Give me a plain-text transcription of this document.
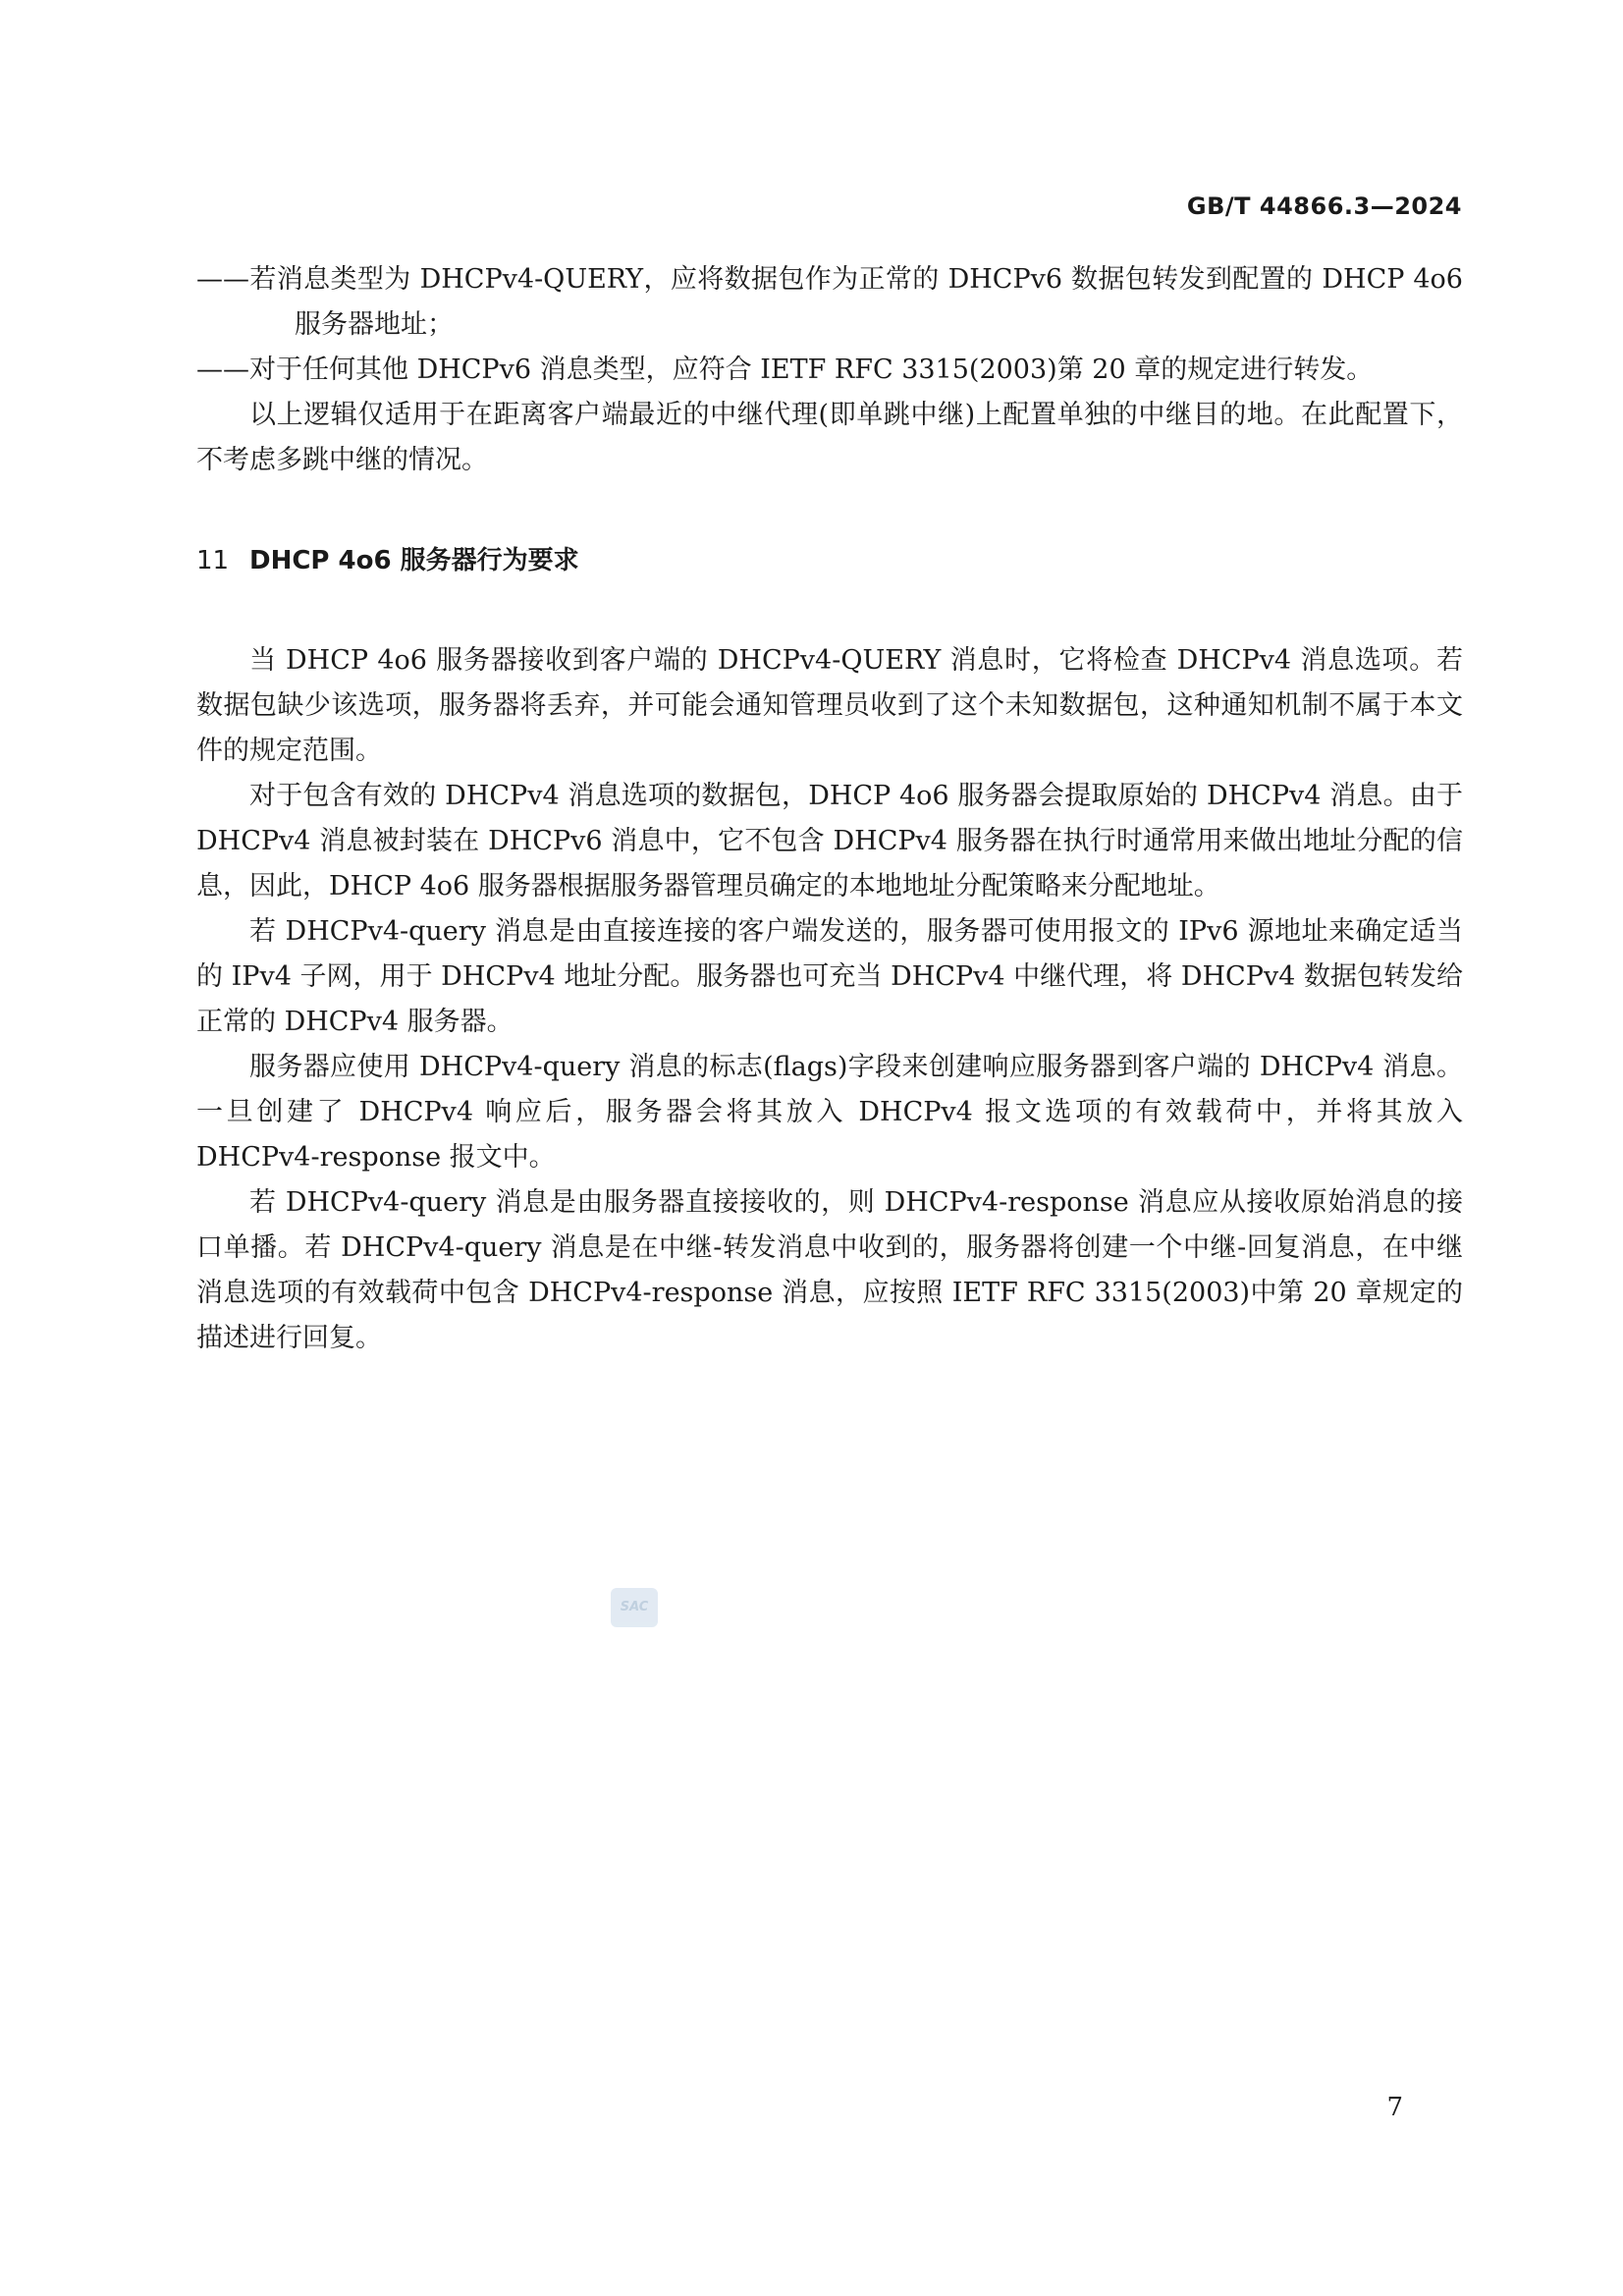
GB/T 44866.3—2024

——若消息类型为 DHCPv4-QUERY，应将数据包作为正常的 DHCPv6 数据包转发到配置的 DHCP 4o6 服务器地址；

——对于任何其他 DHCPv6 消息类型，应符合 IETF RFC 3315(2003)第 20 章的规定进行转发。

以上逻辑仅适用于在距离客户端最近的中继代理(即单跳中继)上配置单独的中继目的地。在此配置下，不考虑多跳中继的情况。

11 DHCP 4o6 服务器行为要求

当 DHCP 4o6 服务器接收到客户端的 DHCPv4-QUERY 消息时，它将检查 DHCPv4 消息选项。若数据包缺少该选项，服务器将丢弃，并可能会通知管理员收到了这个未知数据包，这种通知机制不属于本文件的规定范围。

对于包含有效的 DHCPv4 消息选项的数据包，DHCP 4o6 服务器会提取原始的 DHCPv4 消息。由于 DHCPv4 消息被封装在 DHCPv6 消息中，它不包含 DHCPv4 服务器在执行时通常用来做出地址分配的信息，因此，DHCP 4o6 服务器根据服务器管理员确定的本地地址分配策略来分配地址。

若 DHCPv4-query 消息是由直接连接的客户端发送的，服务器可使用报文的 IPv6 源地址来确定适当的 IPv4 子网，用于 DHCPv4 地址分配。服务器也可充当 DHCPv4 中继代理，将 DHCPv4 数据包转发给正常的 DHCPv4 服务器。

服务器应使用 DHCPv4-query 消息的标志(flags)字段来创建响应服务器到客户端的 DHCPv4 消息。一旦创建了 DHCPv4 响应后，服务器会将其放入 DHCPv4 报文选项的有效载荷中，并将其放入 DHCPv4-response 报文中。

若 DHCPv4-query 消息是由服务器直接接收的，则 DHCPv4-response 消息应从接收原始消息的接口单播。若 DHCPv4-query 消息是在中继-转发消息中收到的，服务器将创建一个中继-回复消息，在中继消息选项的有效载荷中包含 DHCPv4-response 消息，应按照 IETF RFC 3315(2003)中第 20 章规定的描述进行回复。

SAC

7
